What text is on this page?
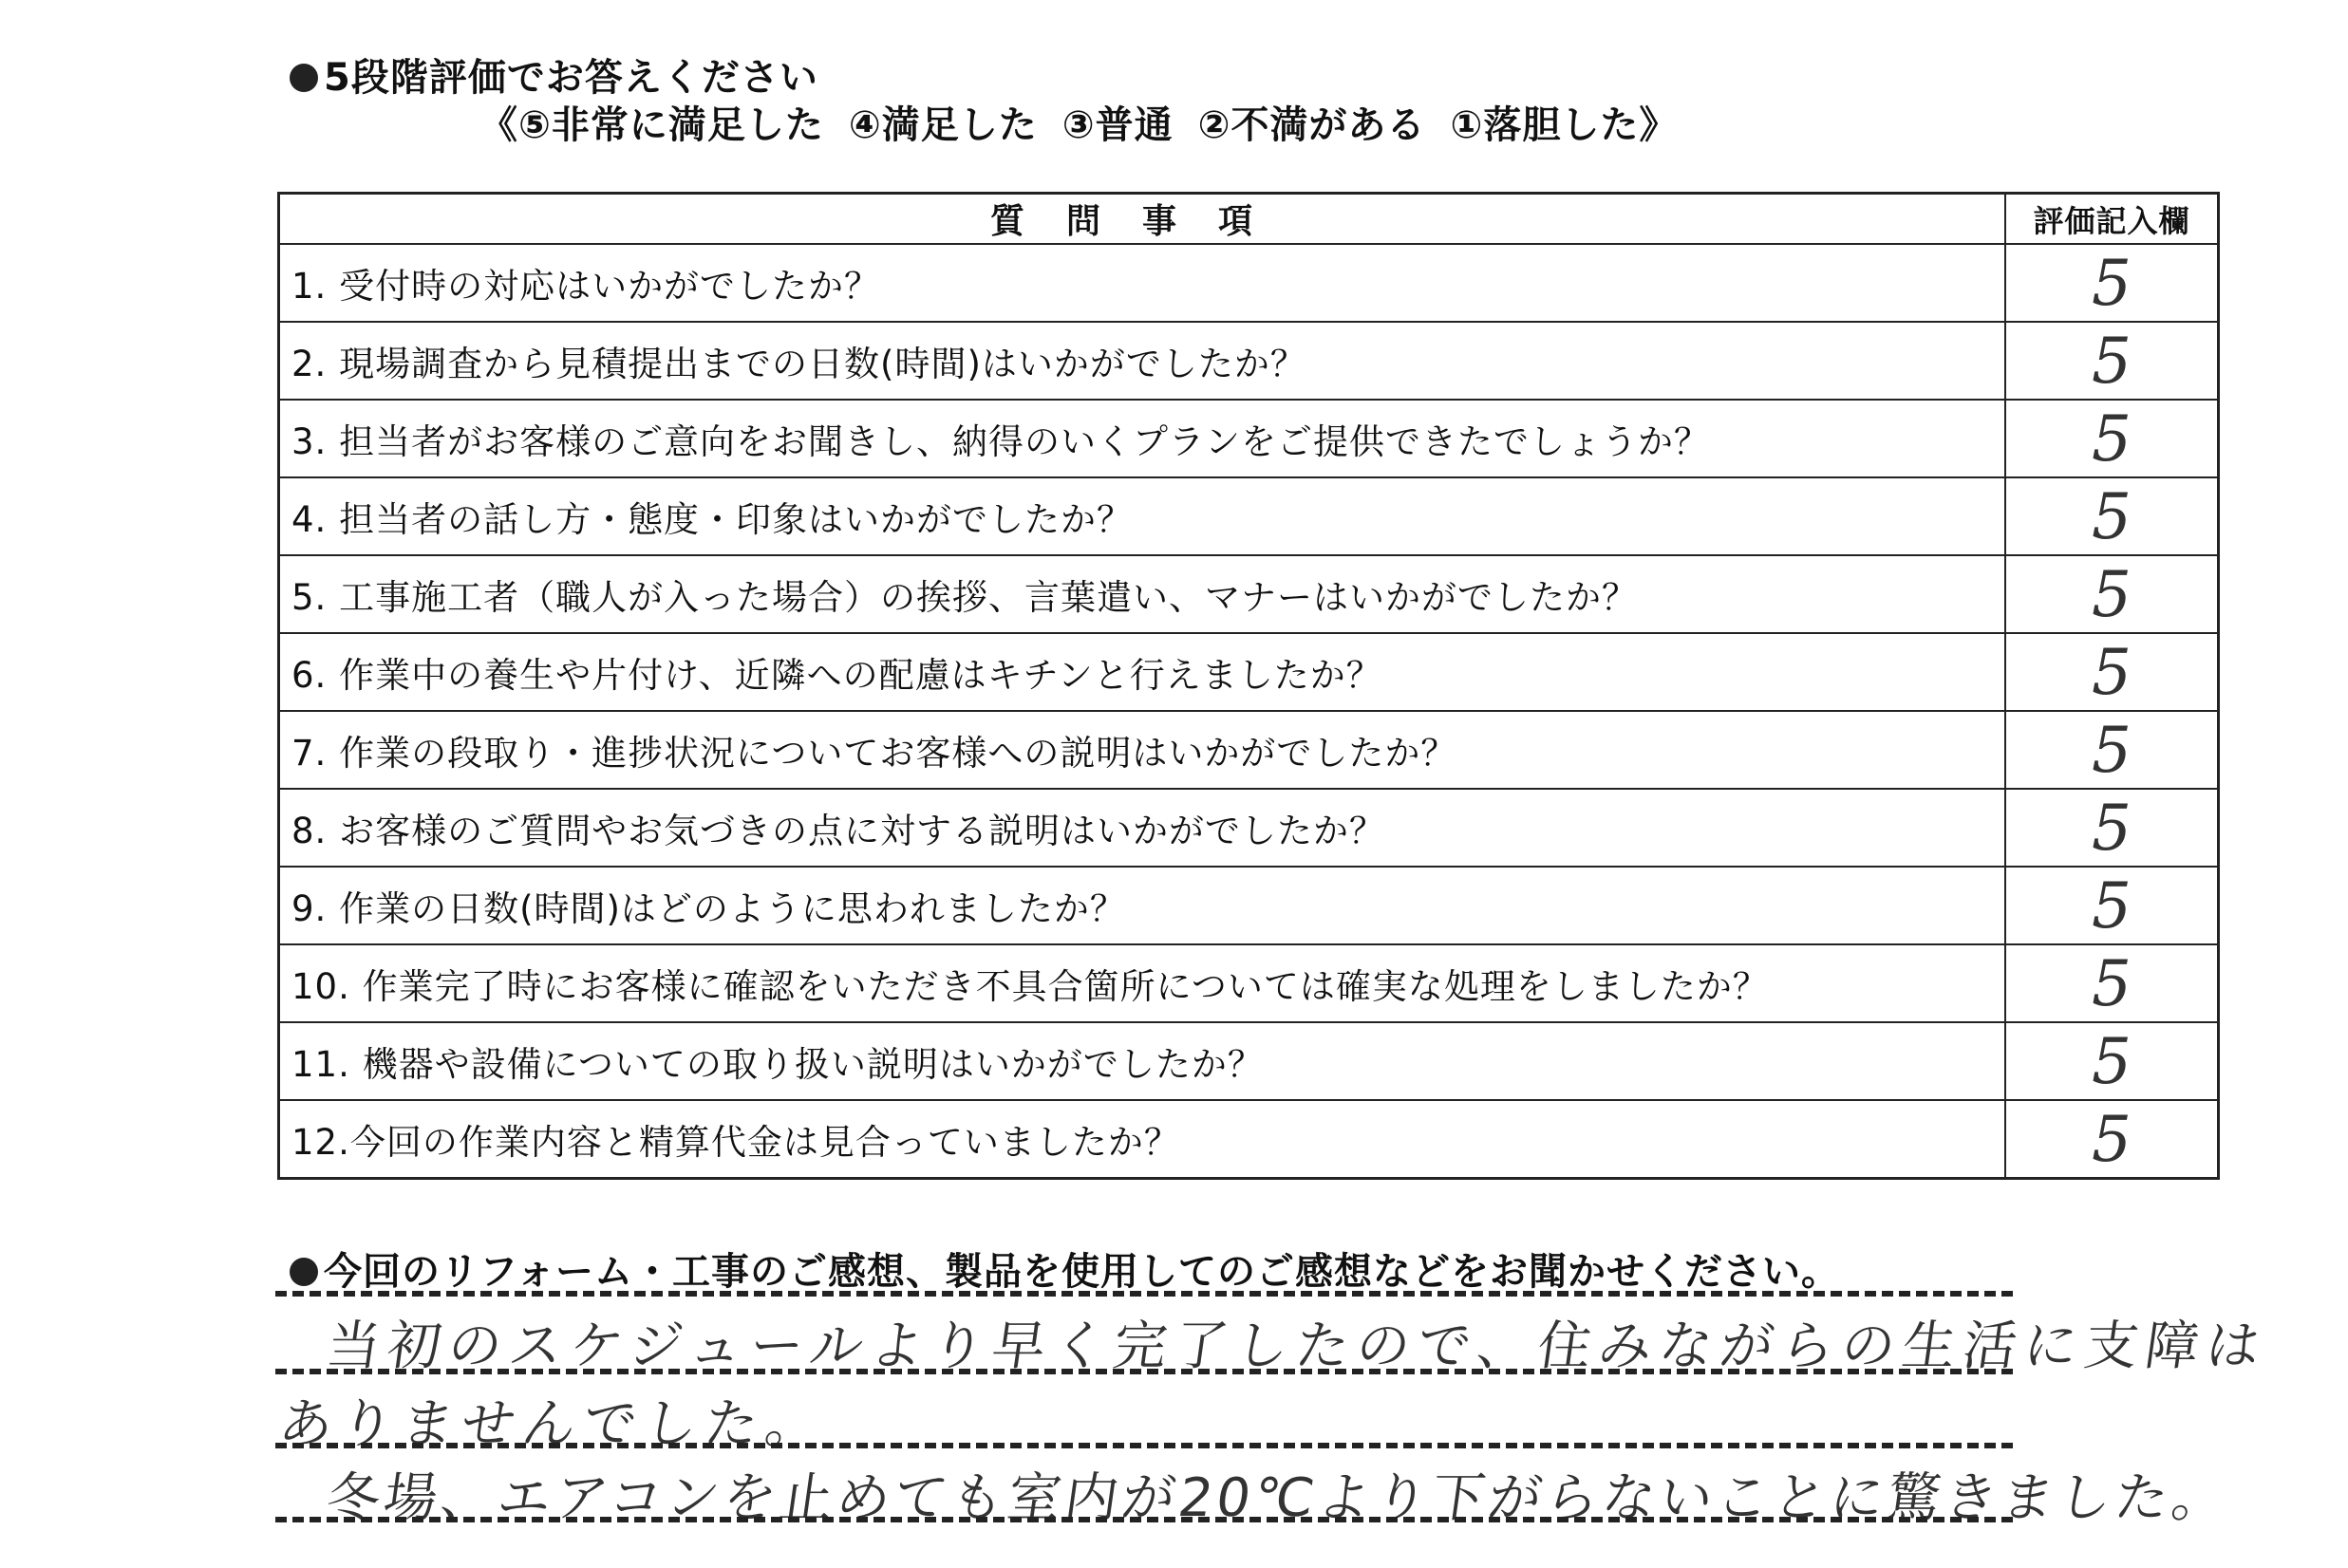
5段階評価でお答えください
《⑤非常に満足した ④満足した ③普通 ②不満がある ①落胆した》
質問事項	評価記入欄
1. 受付時の対応はいかがでしたか？	5
2. 現場調査から見積提出までの日数(時間)はいかがでしたか？	5
3. 担当者がお客様のご意向をお聞きし、納得のいくプランをご提供できたでしょうか？	5
4. 担当者の話し方・態度・印象はいかがでしたか？	5
5. 工事施工者（職人が入った場合）の挨拶、言葉遣い、マナーはいかがでしたか？	5
6. 作業中の養生や片付け、近隣への配慮はキチンと行えましたか？	5
7. 作業の段取り・進捗状況についてお客様への説明はいかがでしたか？	5
8. お客様のご質問やお気づきの点に対する説明はいかがでしたか？	5
9. 作業の日数(時間)はどのように思われましたか？	5
10. 作業完了時にお客様に確認をいただき不具合箇所については確実な処理をしましたか？	5
11. 機器や設備についての取り扱い説明はいかがでしたか？	5
12.今回の作業内容と精算代金は見合っていましたか？	5
今回のリフォーム・工事のご感想、製品を使用してのご感想などをお聞かせください。
当初のスケジュールより早く完了したので、住みながらの生活に支障は
ありませんでした。
冬場、エアコンを止めても室内が20℃より下がらないことに驚きました。
